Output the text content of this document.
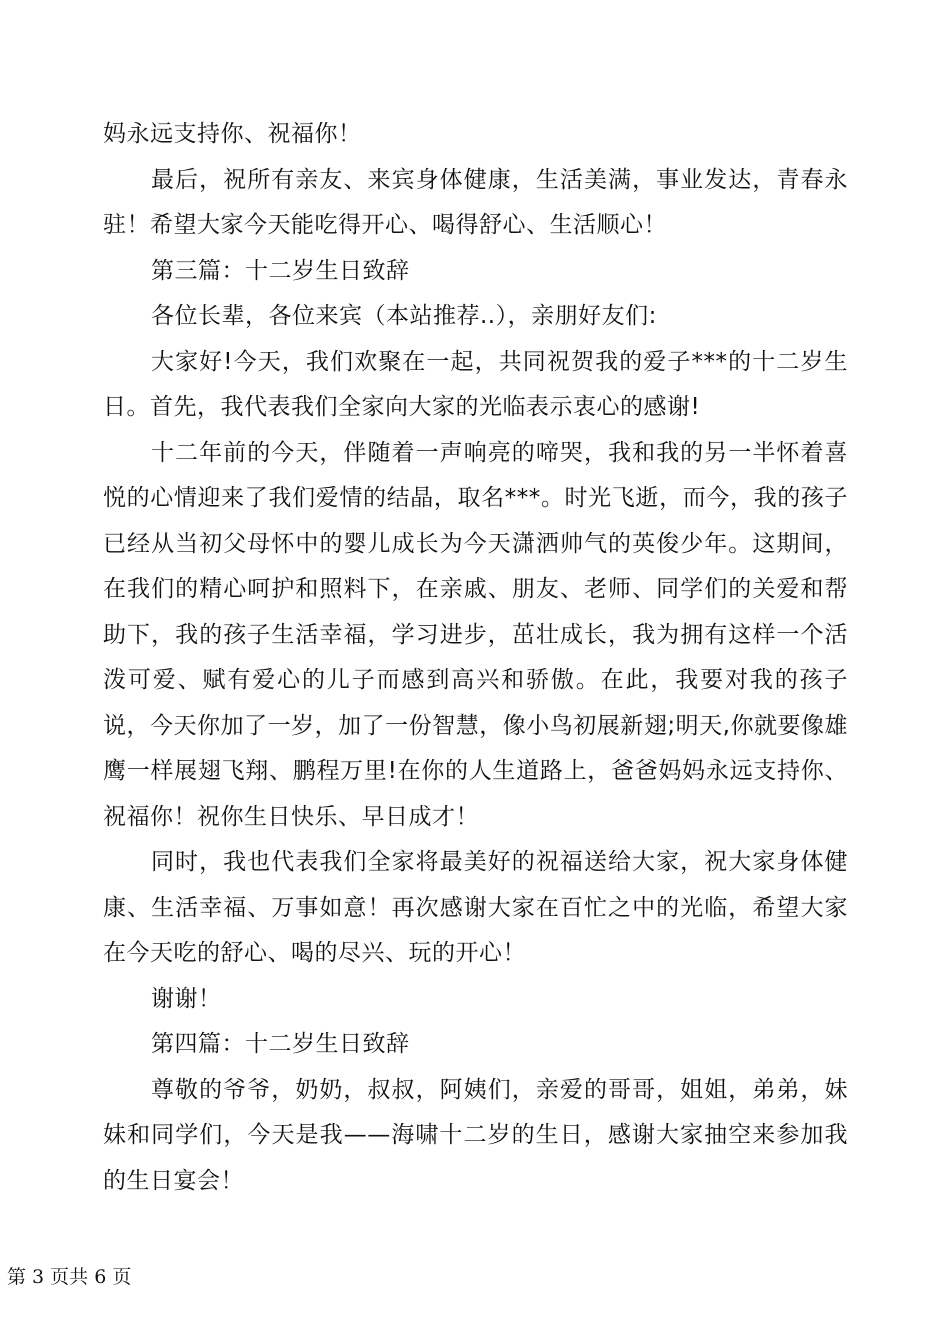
妈永远支持你、祝福你！

最后，祝所有亲友、来宾身体健康，生活美满，事业发达，青春永驻！希望大家今天能吃得开心、喝得舒心、生活顺心！

第三篇：十二岁生日致辞

各位长辈，各位来宾（本站推荐..），亲朋好友们:

大家好!今天，我们欢聚在一起，共同祝贺我的爱子***的十二岁生日。首先，我代表我们全家向大家的光临表示衷心的感谢!

十二年前的今天，伴随着一声响亮的啼哭，我和我的另一半怀着喜悦的心情迎来了我们爱情的结晶，取名***。时光飞逝，而今，我的孩子已经从当初父母怀中的婴儿成长为今天潇洒帅气的英俊少年。这期间，在我们的精心呵护和照料下，在亲戚、朋友、老师、同学们的关爱和帮助下，我的孩子生活幸福，学习进步，茁壮成长，我为拥有这样一个活泼可爱、赋有爱心的儿子而感到高兴和骄傲。在此，我要对我的孩子说，今天你加了一岁，加了一份智慧，像小鸟初展新翅;明天,你就要像雄鹰一样展翅飞翔、鹏程万里!在你的人生道路上，爸爸妈妈永远支持你、祝福你！祝你生日快乐、早日成才！

同时，我也代表我们全家将最美好的祝福送给大家，祝大家身体健康、生活幸福、万事如意！再次感谢大家在百忙之中的光临，希望大家在今天吃的舒心、喝的尽兴、玩的开心！

谢谢！

第四篇：十二岁生日致辞

尊敬的爷爷，奶奶，叔叔，阿姨们，亲爱的哥哥，姐姐，弟弟，妹妹和同学们，今天是我——海啸十二岁的生日，感谢大家抽空来参加我的生日宴会！

第 3 页共 6 页
